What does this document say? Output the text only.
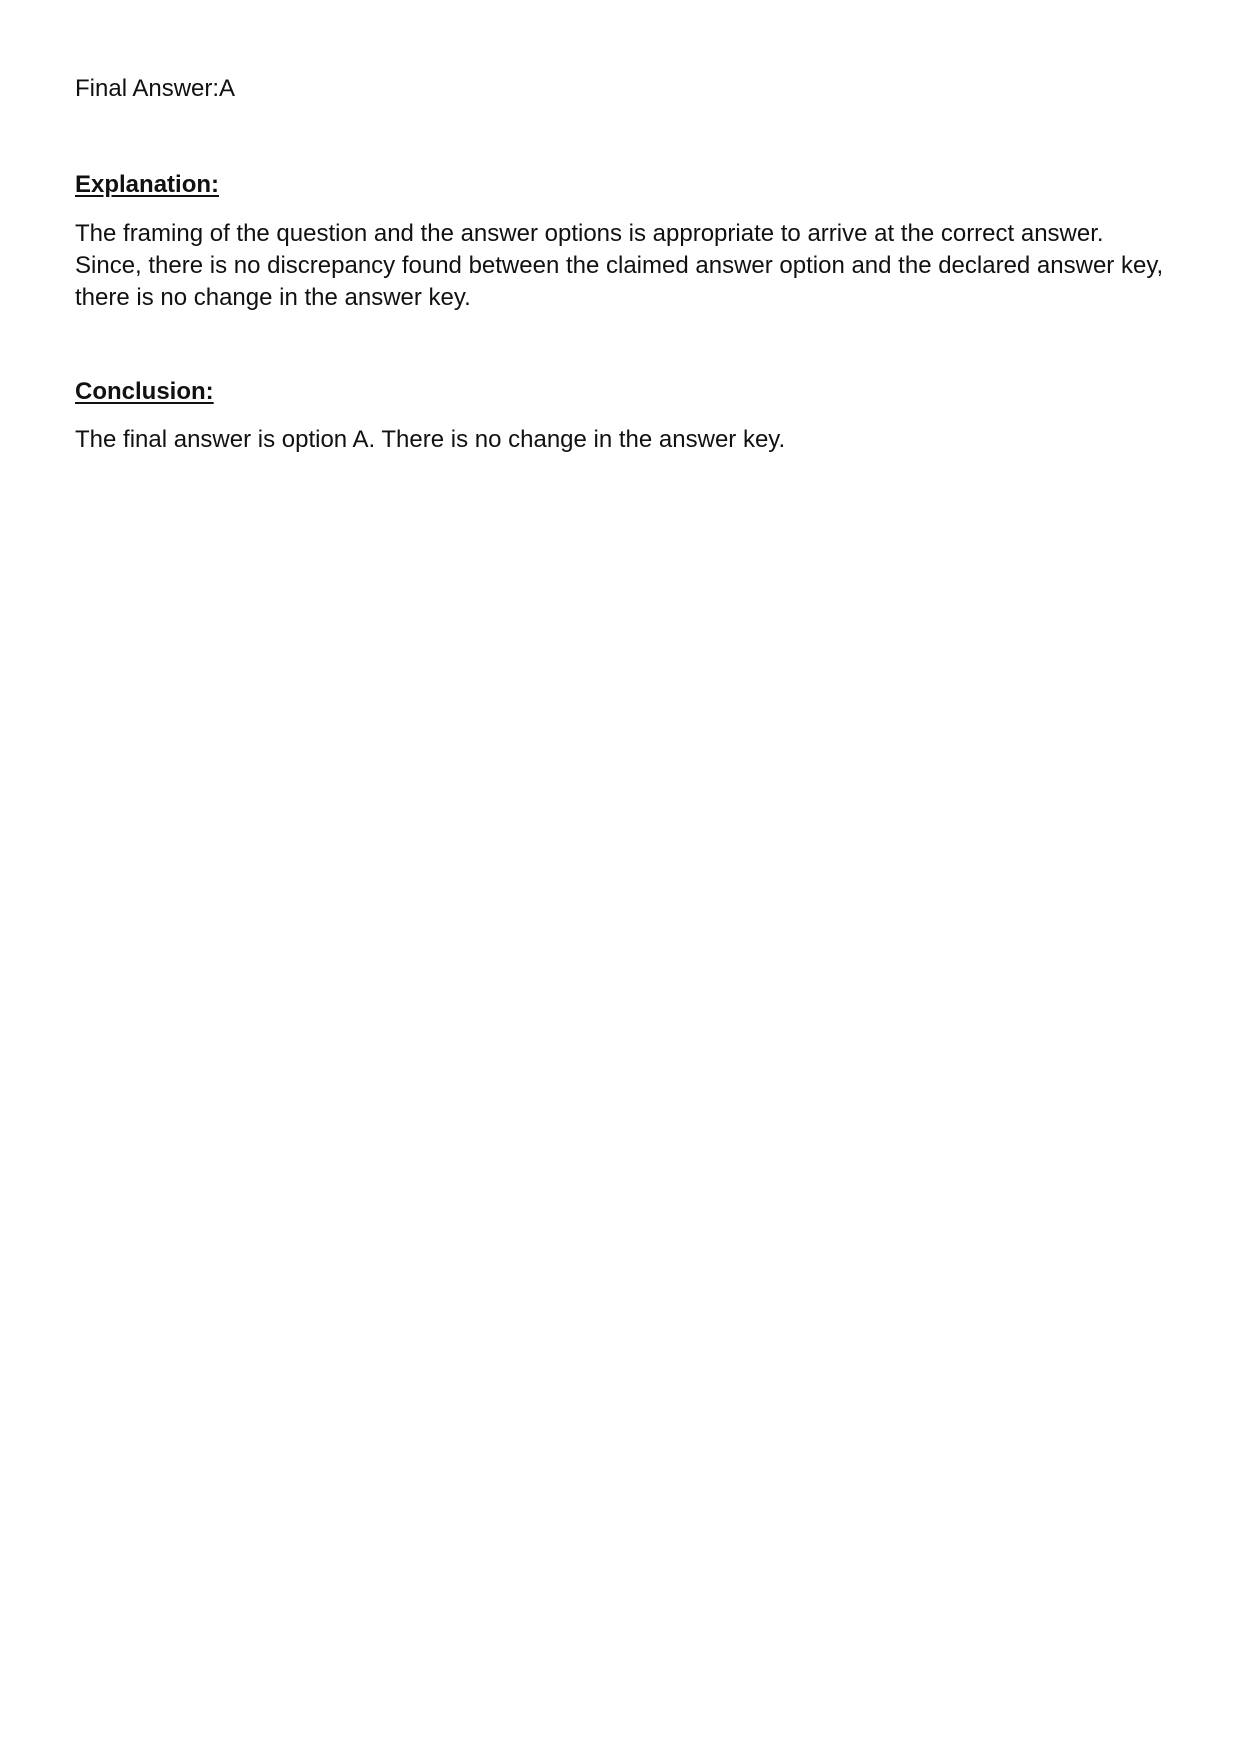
Final Answer:A
Explanation:

The framing of the question and the answer options is appropriate to arrive at the correct answer. Since, there is no discrepancy found between the claimed answer option and the declared answer key, there is no change in the answer key.

Conclusion:

The final answer is option A. There is no change in the answer key.
